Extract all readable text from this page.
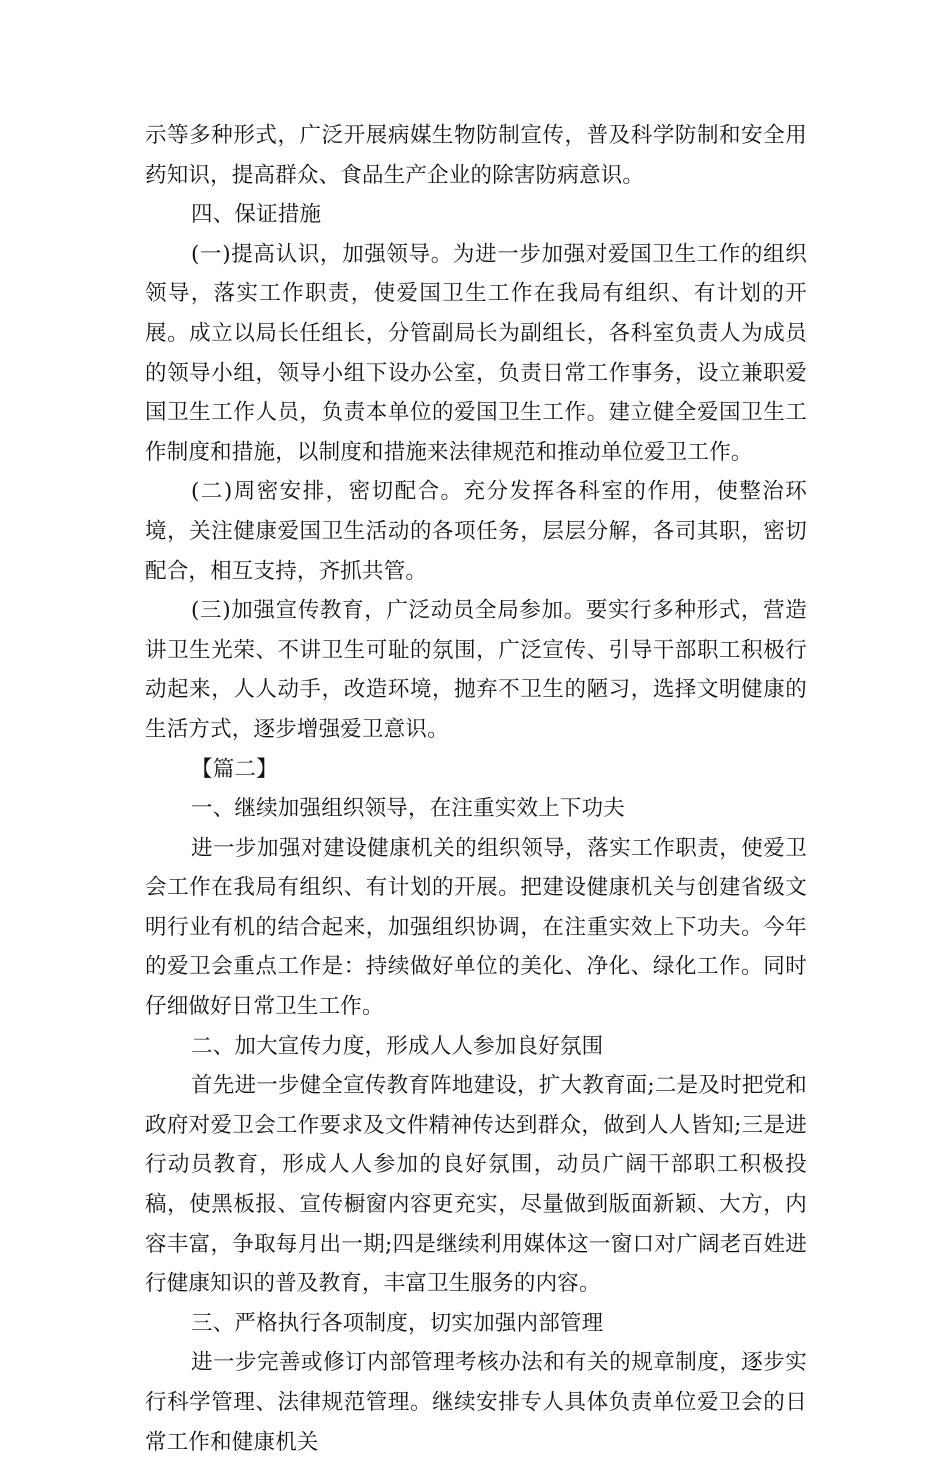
示等多种形式，广泛开展病媒生物防制宣传，普及科学防制和安全用药知识，提高群众、食品生产企业的除害防病意识。

四、保证措施

(一)提高认识，加强领导。为进一步加强对爱国卫生工作的组织领导，落实工作职责，使爱国卫生工作在我局有组织、有计划的开展。成立以局长任组长，分管副局长为副组长，各科室负责人为成员的领导小组，领导小组下设办公室，负责日常工作事务，设立兼职爱国卫生工作人员，负责本单位的爱国卫生工作。建立健全爱国卫生工作制度和措施，以制度和措施来法律规范和推动单位爱卫工作。

(二)周密安排，密切配合。充分发挥各科室的作用，使整治环境，关注健康爱国卫生活动的各项任务，层层分解，各司其职，密切配合，相互支持，齐抓共管。

(三)加强宣传教育，广泛动员全局参加。要实行多种形式，营造讲卫生光荣、不讲卫生可耻的氛围，广泛宣传、引导干部职工积极行动起来，人人动手，改造环境，抛弃不卫生的陋习，选择文明健康的生活方式，逐步增强爱卫意识。

【篇二】

一、继续加强组织领导，在注重实效上下功夫

进一步加强对建设健康机关的组织领导，落实工作职责，使爱卫会工作在我局有组织、有计划的开展。把建设健康机关与创建省级文明行业有机的结合起来，加强组织协调，在注重实效上下功夫。今年的爱卫会重点工作是：持续做好单位的美化、净化、绿化工作。同时仔细做好日常卫生工作。

二、加大宣传力度，形成人人参加良好氛围

首先进一步健全宣传教育阵地建设，扩大教育面;二是及时把党和政府对爱卫会工作要求及文件精神传达到群众，做到人人皆知;三是进行动员教育，形成人人参加的良好氛围，动员广阔干部职工积极投稿，使黑板报、宣传橱窗内容更充实，尽量做到版面新颖、大方，内容丰富，争取每月出一期;四是继续利用媒体这一窗口对广阔老百姓进行健康知识的普及教育，丰富卫生服务的内容。

三、严格执行各项制度，切实加强内部管理

进一步完善或修订内部管理考核办法和有关的规章制度，逐步实行科学管理、法律规范管理。继续安排专人具体负责单位爱卫会的日常工作和健康机关
